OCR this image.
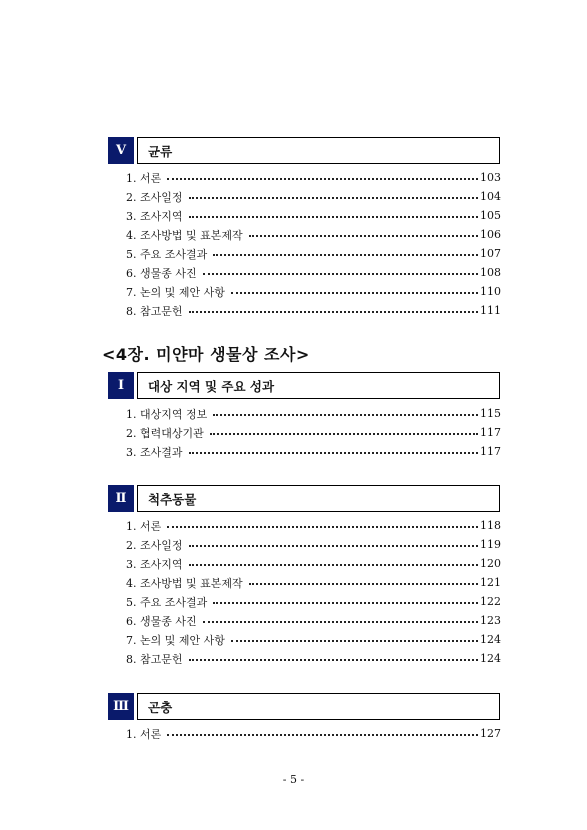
Ⅴ	균류
1. 서론	103
2. 조사일정	104
3. 조사지역	105
4. 조사방법 및 표본제작	106
5. 주요 조사결과	107
6. 생물종 사진	108
7. 논의 및 제안 사항	110
8. 참고문헌	111
<4장. 미얀마 생물상 조사>
Ⅰ	대상 지역 및 주요 성과
1. 대상지역 정보	115
2. 협력대상기관	117
3. 조사결과	117
Ⅱ	척추동물
1. 서론	118
2. 조사일정	119
3. 조사지역	120
4. 조사방법 및 표본제작	121
5. 주요 조사결과	122
6. 생물종 사진	123
7. 논의 및 제안 사항	124
8. 참고문헌	124
Ⅲ	곤충
1. 서론	127
- 5 -
